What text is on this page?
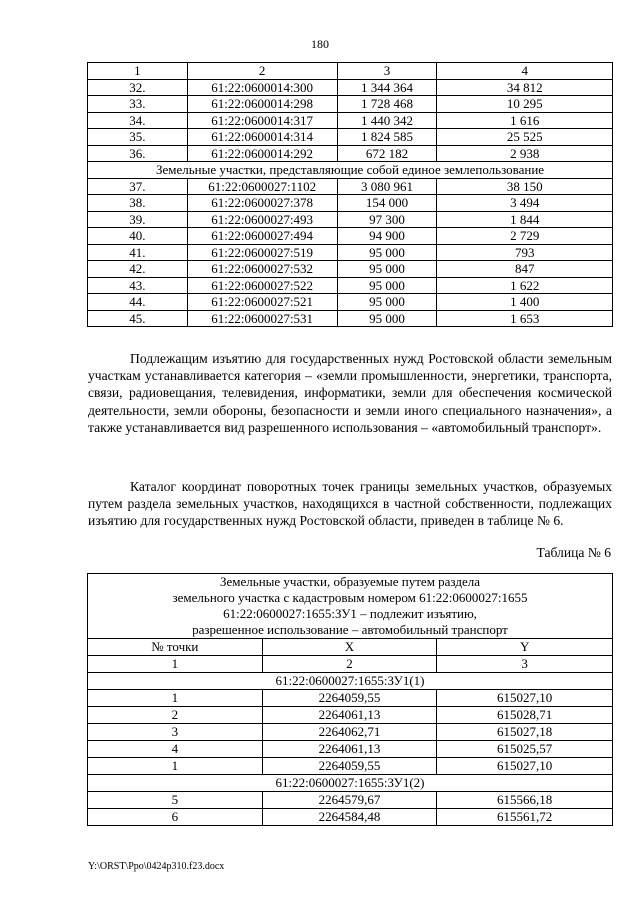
180
1	2	3	4
32.	61:22:0600014:300	1 344 364	34 812
33.	61:22:0600014:298	1 728 468	10 295
34.	61:22:0600014:317	1 440 342	1 616
35.	61:22:0600014:314	1 824 585	25 525
36.	61:22:0600014:292	672 182	2 938
Земельные участки, представляющие собой единое землепользование			
37.	61:22:0600027:1102	3 080 961	38 150
38.	61:22:0600027:378	154 000	3 494
39.	61:22:0600027:493	97 300	1 844
40.	61:22:0600027:494	94 900	2 729
41.	61:22:0600027:519	95 000	793
42.	61:22:0600027:532	95 000	847
43.	61:22:0600027:522	95 000	1 622
44.	61:22:0600027:521	95 000	1 400
45.	61:22:0600027:531	95 000	1 653
Подлежащим изъятию для государственных нужд Ростовской области земельным участкам устанавливается категория – «земли промышленности, энергетики, транспорта, связи, радиовещания, телевидения, информатики, земли для обеспечения космической деятельности, земли обороны, безопасности и земли иного специального назначения», а также устанавливается вид разрешенного использования – «автомобильный транспорт».
Каталог координат поворотных точек границы земельных участков, образуемых путем раздела земельных участков, находящихся в частной собственности, подлежащих изъятию для государственных нужд Ростовской области, приведен в таблице № 6.
Таблица № 6
Земельные участки, образуемые путем раздела
земельного участка с кадастровым номером 61:22:0600027:1655
61:22:0600027:1655:ЗУ1 – подлежит изъятию,
разрешенное использование – автомобильный транспорт		

№ точки	X	Y
1	2	3
61:22:0600027:1655:ЗУ1(1)		
1	2264059,55	615027,10
2	2264061,13	615028,71
3	2264062,71	615027,18
4	2264061,13	615025,57
1	2264059,55	615027,10
61:22:0600027:1655:ЗУ1(2)		
5	2264579,67	615566,18
6	2264584,48	615561,72
Y:\ORST\Ppo\0424p310.f23.docx
